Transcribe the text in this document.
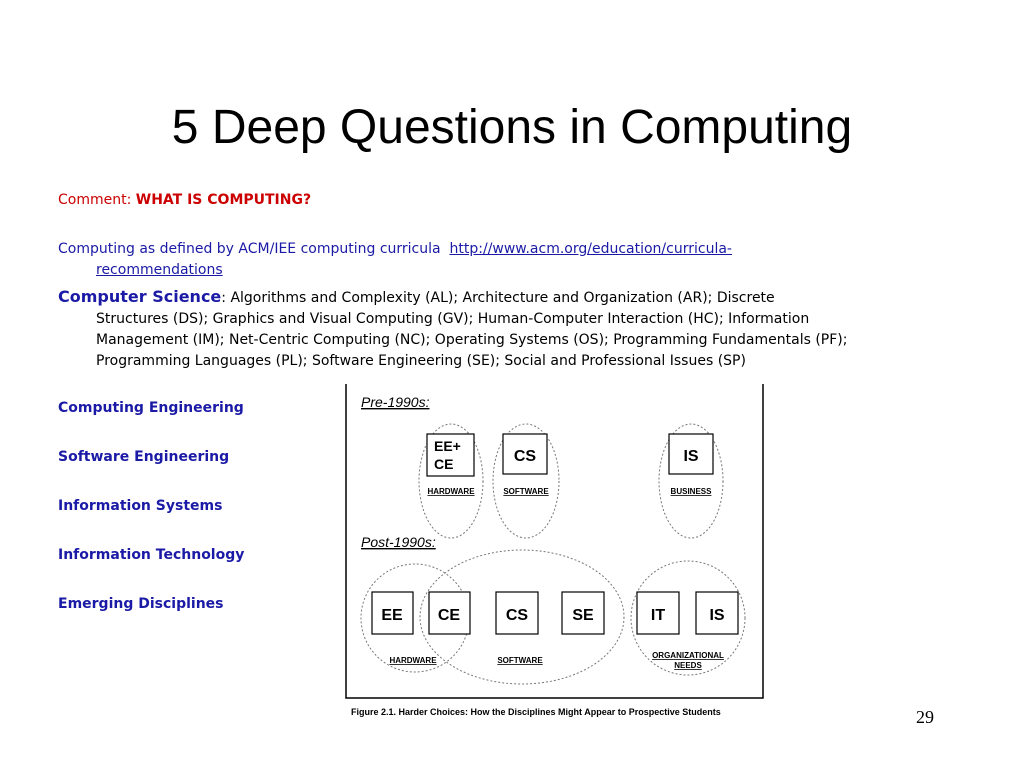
5 Deep Questions in Computing
Comment: WHAT IS COMPUTING?
Computing as defined by ACM/IEE computing curricula http://www.acm.org/education/curricula-
recommendations
Computer Science: Algorithms and Complexity (AL); Architecture and Organization (AR); Discrete
Structures (DS); Graphics and Visual Computing (GV); Human-Computer Interaction (HC); Information
Management (IM); Net-Centric Computing (NC); Operating Systems (OS); Programming Fundamentals (PF);
Programming Languages (PL); Software Engineering (SE); Social and Professional Issues (SP)
Computing Engineering
Software Engineering
Information Systems
Information Technology
Emerging Disciplines
Pre-1990s:
EE+
CE
HARDWARE
CS
SOFTWARE
IS
BUSINESS
Post-1990s:
EE CE	CS	SE	IT	IS
HARDWARE	SOFTWARE
ORGANIZATIONAL
NEEDS
Figure 2.1. Harder Choices: How the Disciplines Might Appear to Prospective Students	29
